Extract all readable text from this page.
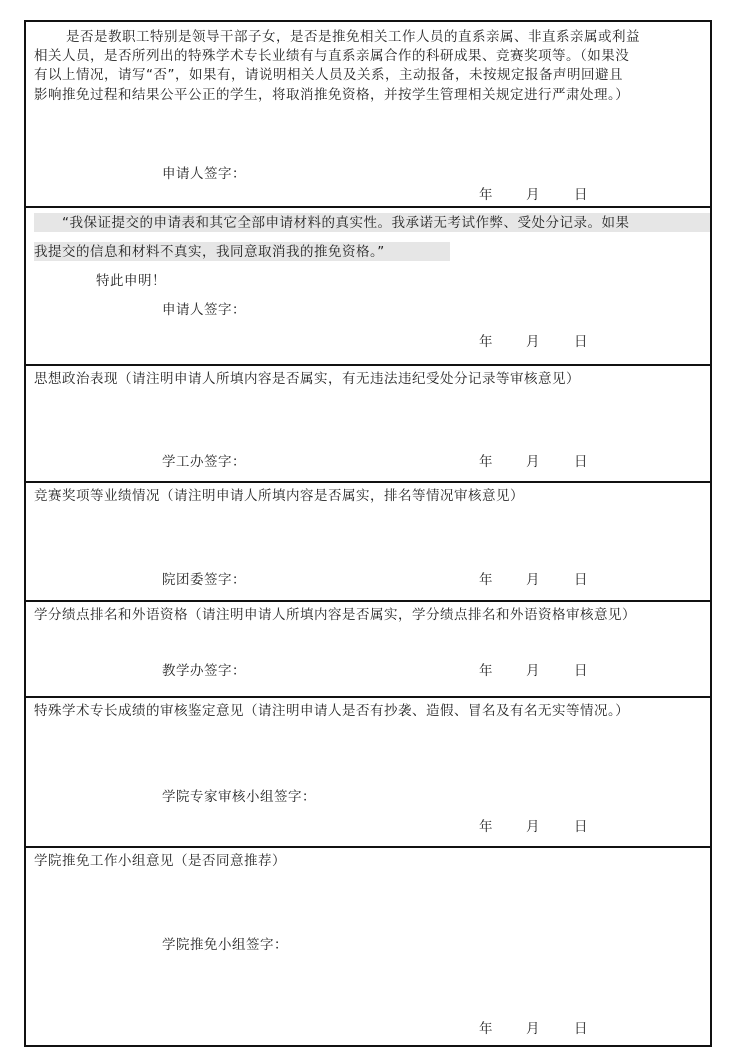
是否是教职工特别是领导干部子女，是否是推免相关工作人员的直系亲属、非直系亲属或利益
相关人员，是否所列出的特殊学术专长业绩有与直系亲属合作的科研成果、竞赛奖项等。（如果没
有以上情况，请写“否”，如果有，请说明相关人员及关系，主动报备，未按规定报备声明回避且
影响推免过程和结果公平公正的学生，将取消推免资格，并按学生管理相关规定进行严肃处理。）
申请人签字：
年 月	日
“我保证提交的申请表和其它全部申请材料的真实性。我承诺无考试作弊、受处分记录。如果
我提交的信息和材料不真实，我同意取消我的推免资格。”
特此申明！
申请人签字：
年 月	日
思想政治表现（请注明申请人所填内容是否属实，有无违法违纪受处分记录等审核意见）
学工办签字：	年 月	日
竞赛奖项等业绩情况（请注明申请人所填内容是否属实，排名等情况审核意见）
院团委签字：	年 月	日
学分绩点排名和外语资格（请注明申请人所填内容是否属实，学分绩点排名和外语资格审核意见）
教学办签字：	年 月	日
特殊学术专长成绩的审核鉴定意见（请注明申请人是否有抄袭、造假、冒名及有名无实等情况。）
学院专家审核小组签字：
年 月	日
学院推免工作小组意见（是否同意推荐）
学院推免小组签字：
年 月	日
